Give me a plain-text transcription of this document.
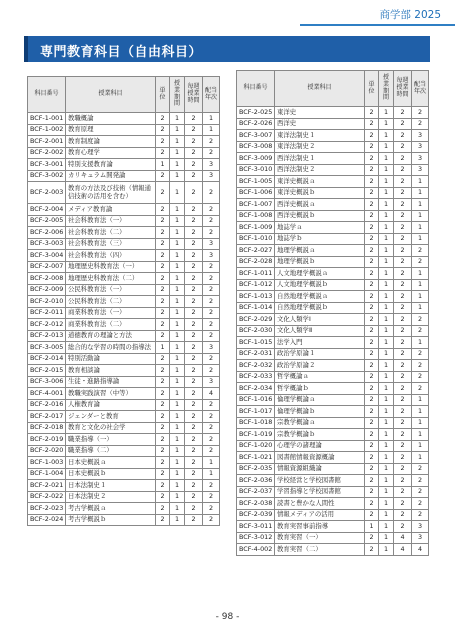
商学部 2025
専門教育科目（自由科目）
科目番号	授業科目	単位	授業期間	毎週授業時間	配当年次
BCF-1-001	教職概論	2	1	2	1
BCF-1-002	教育原理	2	1	2	1
BCF-2-001	教育制度論	2	1	2	2
BCF-2-002	教育心理学	2	1	2	2
BCF-3-001	特別支援教育論	1	1	2	3
BCF-3-002	カリキュラム開発論	2	1	2	3
BCF-2-003	教育の方法及び技術（情報通信技術の活用を含む）	2	1	2	2
BCF-2-004	メディア教育論	2	1	2	2
BCF-2-005	社会科教育法（一）	2	1	2	2
BCF-2-006	社会科教育法（二）	2	1	2	2
BCF-3-003	社会科教育法（三）	2	1	2	3
BCF-3-004	社会科教育法（四）	2	1	2	3
BCF-2-007	地理歴史科教育法（一）	2	1	2	2
BCF-2-008	地理歴史科教育法（二）	2	1	2	2
BCF-2-009	公民科教育法（一）	2	1	2	2
BCF-2-010	公民科教育法（二）	2	1	2	2
BCF-2-011	商業科教育法（一）	2	1	2	2
BCF-2-012	商業科教育法（二）	2	1	2	2
BCF-2-013	道徳教育の理論と方法	2	1	2	2
BCF-3-005	総合的な学習の時間の指導法	1	1	2	3
BCF-2-014	特別活動論	2	1	2	2
BCF-2-015	教育相談論	2	1	2	2
BCF-3-006	生徒・進路指導論	2	1	2	3
BCF-4-001	教職実践演習（中等）	2	1	2	4
BCF-2-016	人権教育論	2	1	2	2
BCF-2-017	ジェンダーと教育	2	1	2	2
BCF-2-018	教育と文化の社会学	2	1	2	2
BCF-2-019	職業指導（一）	2	1	2	2
BCF-2-020	職業指導（二）	2	1	2	2
BCF-1-003	日本史概説ａ	2	1	2	1
BCF-1-004	日本史概説ｂ	2	1	2	1
BCF-2-021	日本法制史１	2	1	2	2
BCF-2-022	日本法制史２	2	1	2	2
BCF-2-023	考古学概説ａ	2	1	2	2
BCF-2-024	考古学概説ｂ	2	1	2	2
科目番号	授業科目	単位	授業期間	毎週授業時間	配当年次
BCF-2-025	東洋史	2	1	2	2
BCF-2-026	西洋史	2	1	2	2
BCF-3-007	東洋法制史１	2	1	2	3
BCF-3-008	東洋法制史２	2	1	2	3
BCF-3-009	西洋法制史１	2	1	2	3
BCF-3-010	西洋法制史２	2	1	2	3
BCF-1-005	東洋史概説ａ	2	1	2	1
BCF-1-006	東洋史概説ｂ	2	1	2	1
BCF-1-007	西洋史概説ａ	2	1	2	1
BCF-1-008	西洋史概説ｂ	2	1	2	1
BCF-1-009	地誌学ａ	2	1	2	1
BCF-1-010	地誌学ｂ	2	1	2	1
BCF-2-027	地理学概説ａ	2	1	2	2
BCF-2-028	地理学概説ｂ	2	1	2	2
BCF-1-011	人文地理学概説ａ	2	1	2	1
BCF-1-012	人文地理学概説ｂ	2	1	2	1
BCF-1-013	自然地理学概説ａ	2	1	2	1
BCF-1-014	自然地理学概説ｂ	2	1	2	1
BCF-2-029	文化人類学Ⅰ	2	1	2	2
BCF-2-030	文化人類学Ⅱ	2	1	2	2
BCF-1-015	法学入門	2	1	2	1
BCF-2-031	政治学原論１	2	1	2	2
BCF-2-032	政治学原論２	2	1	2	2
BCF-2-033	哲学概論ａ	2	1	2	2
BCF-2-034	哲学概論ｂ	2	1	2	2
BCF-1-016	倫理学概論ａ	2	1	2	1
BCF-1-017	倫理学概論ｂ	2	1	2	1
BCF-1-018	宗教学概論ａ	2	1	2	1
BCF-1-019	宗教学概論ｂ	2	1	2	1
BCF-1-020	心理学の諸理論	2	1	2	1
BCF-1-021	図書館情報資源概論	2	1	2	1
BCF-2-035	情報資源組織論	2	1	2	2
BCF-2-036	学校経営と学校図書館	2	1	2	2
BCF-2-037	学習指導と学校図書館	2	1	2	2
BCF-2-038	読書と豊かな人間性	2	1	2	2
BCF-2-039	情報メディアの活用	2	1	2	2
BCF-3-011	教育実習事前指導	1	1	2	3
BCF-3-012	教育実習（一）	2	1	4	3
BCF-4-002	教育実習（二）	2	1	4	4
- 98 -
